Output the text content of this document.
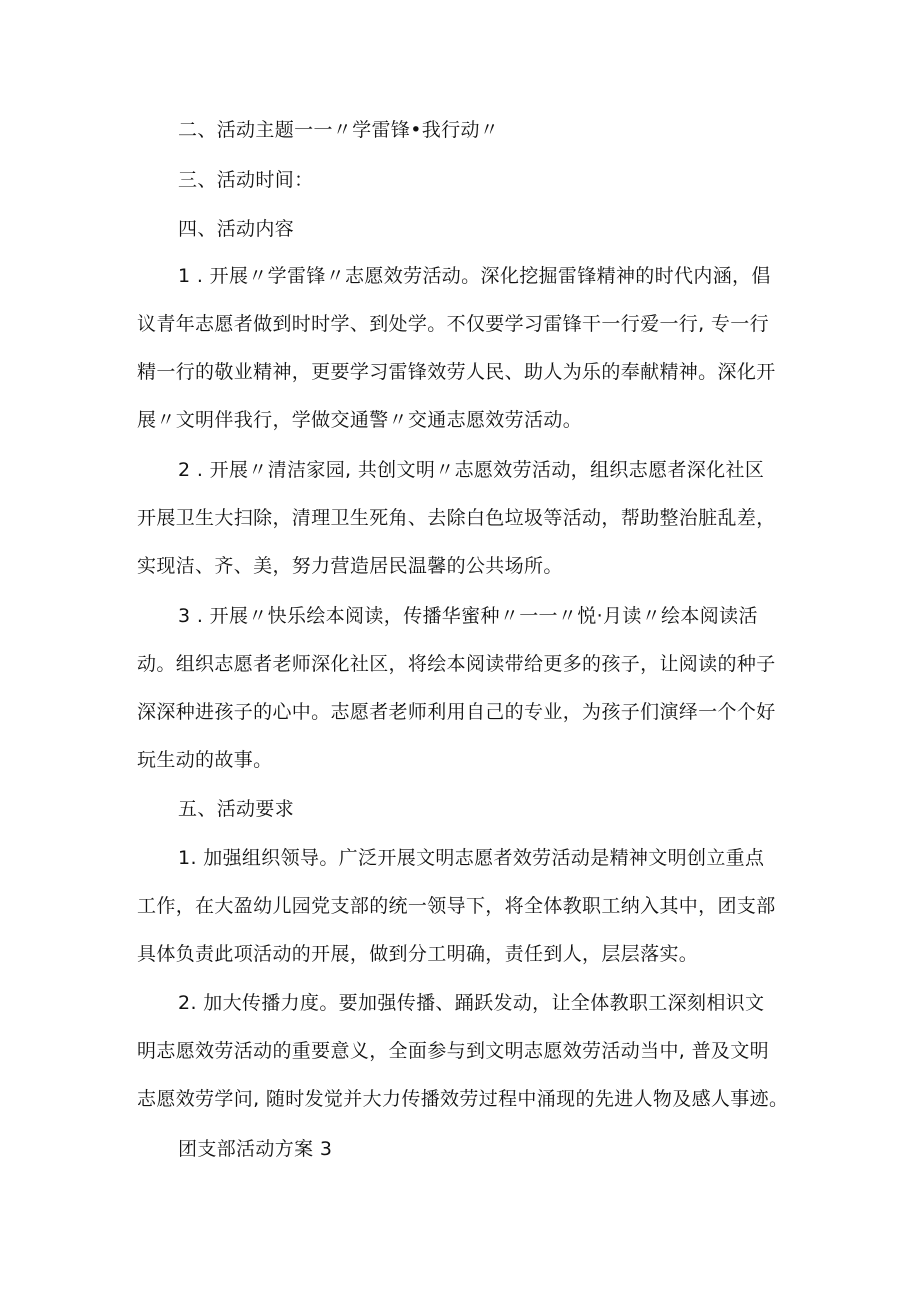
二、活动主题一一〃学雷锋•我行动〃
三、活动时间：
四、活动内容
1 . 开展〃学雷锋〃志愿效劳活动。深化挖掘雷锋精神的时代内涵，倡
议青年志愿者做到时时学、到处学。不仅要学习雷锋干一行爱一行, 专一行
精一行的敬业精神，更要学习雷锋效劳人民、助人为乐的奉献精神。深化开
展〃文明伴我行，学做交通警〃交通志愿效劳活动。
2 . 开展〃清洁家园, 共创文明〃志愿效劳活动，组织志愿者深化社区
开展卫生大扫除，清理卫生死角、去除白色垃圾等活动，帮助整治脏乱差，
实现洁、齐、美，努力营造居民温馨的公共场所。
3 . 开展〃快乐绘本阅读，传播华蜜种〃一一〃悦·月读〃绘本阅读活
动。组织志愿者老师深化社区，将绘本阅读带给更多的孩子，让阅读的种子
深深种进孩子的心中。志愿者老师利用自己的专业，为孩子们演绎一个个好
玩生动的故事。
五、活动要求
1. 加强组织领导。广泛开展文明志愿者效劳活动是精神文明创立重点
工作，在大盈幼儿园党支部的统一领导下，将全体教职工纳入其中，团支部
具体负责此项活动的开展，做到分工明确，责任到人，层层落实。
2. 加大传播力度。要加强传播、踊跃发动，让全体教职工深刻相识文
明志愿效劳活动的重要意义，全面参与到文明志愿效劳活动当中, 普及文明
志愿效劳学问, 随时发觉并大力传播效劳过程中涌现的先进人物及感人事迹。
团支部活动方案 3
